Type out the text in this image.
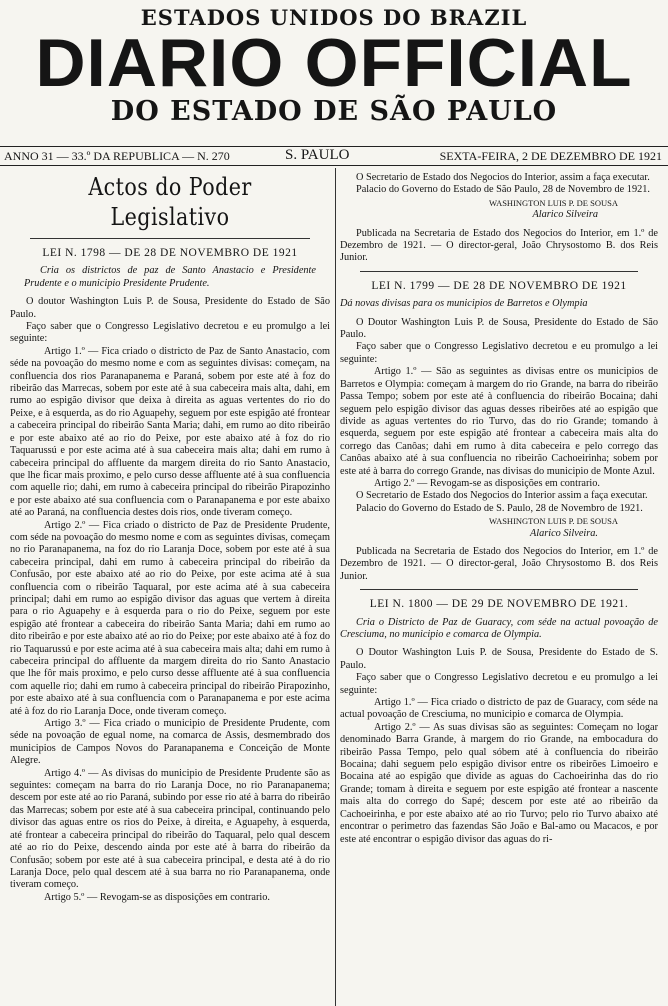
ESTADOS UNIDOS DO BRAZIL
DIARIO OFFICIAL
DO ESTADO DE SÃO PAULO
ANNO 31 — 33.º DA REPUBLICA — N. 270	S. PAULO	SEXTA-FEIRA, 2 DE DEZEMBRO DE 1921
Actos do Poder Legislativo
LEI N. 1798 — DE 28 DE NOVEMBRO DE 1921

Cria os districtos de paz de Santo Anastacio e Presidente Prudente e o municipio Presidente Prudente.

O doutor Washington Luis P. de Sousa, Presidente do Estado de São Paulo.

Faço saber que o Congresso Legislativo decretou e eu promulgo a lei seguinte:

Artigo 1.º — Fica criado o districto de Paz de Santo Anastacio, com séde na povoação do mesmo nome e com as seguintes divisas: começam, na confluencia dos rios Paranapanema e Paraná, sobem por este até à foz do ribeirão das Marrecas, sobem por este até à sua cabeceira mais alta, dahi, em rumo ao espigão divisor que deixa à direita as aguas vertentes do rio do Peixe, e à esquerda, as do rio Aguapehy, seguem por este espigão até frontear a cabeceira principal do ribeirão Santa Maria; dahi, em rumo ao dito ribeirão e por este abaixo até ao rio do Peixe, por este abaixo até à foz do rio Taquarussú e por este acima até à sua cabeceira mais alta; dahi em rumo à cabeceira principal do affluente da margem direita do rio Santo Anastacio, que lhe ficar mais proximo, e pelo curso desse affluente até à sua confluencia com aquelle rio; dahi, em rumo à cabeceira principal do ribeirão Pirapozinho e por este abaixo até sua confluencia com o Paranapanema e por este abaixo até ao Paraná, na confluencia destes dois rios, onde tiveram começo.

Artigo 2.º — Fica criado o districto de Paz de Presidente Prudente, com séde na povoação do mesmo nome e com as seguintes divisas, começam no rio Paranapanema, na foz do rio Laranja Doce, sobem por este até à sua cabeceira principal, dahi em rumo à cabeceira principal do ribeirão da Confusão, por este abaixo até ao rio do Peixe, por este acima até à sua confluencia com o ribeirão Taquaral, por este acima até à sua cabeceira principal; dahi em rumo ao espigão divisor das aguas que vertem à direita para o rio Aguapehy e à esquerda para o rio do Peixe, seguem por este espigão até frontear a cabeceira do ribeirão Santa Maria; dahi em rumo ao dito ribeirão e por este abaixo até ao rio do Peixe; por este abaixo até à foz do rio Taquarussú e por este acima até à sua cabeceira mais alta; dahi em rumo à cabeceira principal do affluente da margem direita do rio Santo Anastacio que lhe fôr mais proximo, e pelo curso desse affluente até à sua confluencia com aquelle rio; dahi em rumo à cabeceira principal do ribeirão Pirapozinho, por este abaixo até à sua confluencia com o Paranapanema e por este acima até à foz do rio Laranja Doce, onde tiveram começo.

Artigo 3.º — Fica criado o municipio de Presidente Prudente, com séde na povoação de egual nome, na comarca de Assis, desmembrado dos municipios de Campos Novos do Paranapanema e Conceição de Monte Alegre.

Artigo 4.º — As divisas do municipio de Presidente Prudente são as seguintes: começam na barra do rio Laranja Doce, no rio Paranapanema; descem por este até ao rio Paraná, subindo por esse rio até à barra do ribeirão das Marrecas; sobem por este até à sua cabeceira principal, continuando pelo divisor das aguas entre os rios do Peixe, à direita, e Aguapehy, à esquerda, até frontear a cabeceira principal do ribeirão do Taquaral, pelo qual descem até ao rio do Peixe, descendo ainda por este até à barra do ribeirão da Confusão; sobem por este até à sua cabeceira principal, e desta até à do rio Laranja Doce, pelo qual descem até à sua barra no rio Paranapanema, onde tiveram começo.

Artigo 5.º — Revogam-se as disposições em contrario.

O Secretario de Estado dos Negocios do Interior, assim a faça executar.

Palacio do Governo do Estado de São Paulo, 28 de Novembro de 1921.

WASHINGTON LUIS P. DE SOUSA

Alarico Silveira

Publicada na Secretaria de Estado dos Negocios do Interior, em 1.º de Dezembro de 1921. — O director-geral, João Chrysostomo B. dos Reis Junior.

LEI N. 1799 — DE 28 DE NOVEMBRO DE 1921

Dá novas divisas para os municipios de Barretos e Olympia

O Doutor Washington Luis P. de Sousa, Presidente do Estado de São Paulo.

Faço saber que o Congresso Legislativo decretou e eu promulgo a lei seguinte:

Artigo 1.º — São as seguintes as divisas entre os municipios de Barretos e Olympia: começam à margem do rio Grande, na barra do ribeirão Passa Tempo; sobem por este até à confluencia do ribeirão Bocaina; dahi seguem pelo espigão divisor das aguas desses ribeirões até ao espigão que divide as aguas vertentes do rio Turvo, das do rio Grande; tomando à esquerda, seguem por este espigão até frontear a cabeceira mais alta do corrego das Canôas; dahi em rumo à dita cabeceira e pelo corrego das Canôas abaixo até à sua confluencia no ribeirão Cachoeirinha; sobem por este até à barra do corrego Grande, nas divisas do municipio de Monte Azul.

Artigo 2.º — Revogam-se as disposições em contrario.

O Secretario de Estado dos Negocios do Interior assim a faça executar.

Palacio do Governo do Estado de S. Paulo, 28 de Novembro de 1921.

WASHINGTON LUIS P. DE SOUSA

Alarico Silveira.

Publicada na Secretaria de Estado dos Negocios do Interior, em 1.º de Dezembro de 1921. — O director-geral, João Chrysostomo B. dos Reis Junior.

LEI N. 1800 — DE 29 DE NOVEMBRO DE 1921.

Cria o Districto de Paz de Guaracy, com séde na actual povoação de Cresciuma, no municipio e comarca de Olympia.

O Doutor Washington Luis P. de Sousa, Presidente do Estado de S. Paulo.

Faço saber que o Congresso Legislativo decretou e eu promulgo a lei seguinte:

Artigo 1.º — Fica criado o districto de paz de Guaracy, com séde na actual povoação de Cresciuma, no municipio e comarca de Olympia.

Artigo 2.º — As suas divisas são as seguintes: Começam no logar denominado Barra Grande, à margem do rio Grande, na embocadura do ribeirão Passa Tempo, pelo qual sóbem até à confluencia do ribeirão Bocaina; dahi seguem pelo espigão divisor entre os ribeirões Limoeiro e Bocaina até ao espigão que divide as aguas do Cachoeirinha das do rio Grande; tomam à direita e seguem por este espigão até frontear a nascente mais alta do corrego do Sapé; descem por este até ao ribeirão da Cachoeirinha, e por este abaixo até ao rio Turvo; pelo rio Turvo abaixo até encontrar o perimetro das fazendas São João e Bal-amo ou Macacos, e por este até encontrar o espigão divisor das aguas do ri-
